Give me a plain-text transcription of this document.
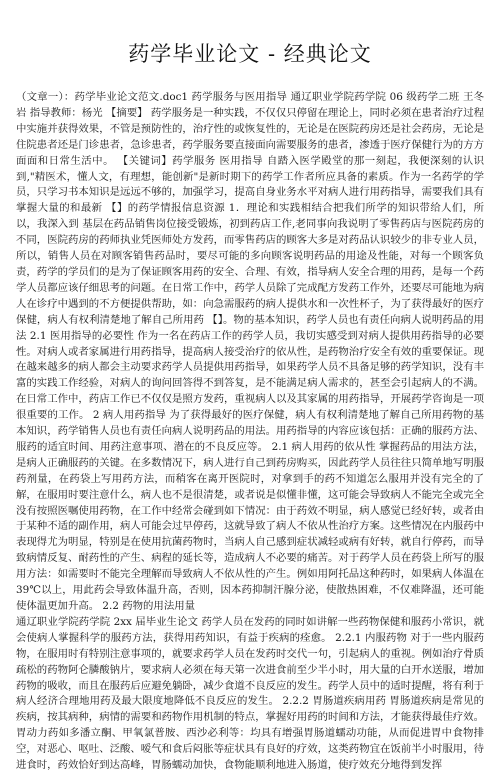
药学毕业论文 - 经典论文

（文章一）：药学毕业论文范文.doc1 药学服务与医用指导 通辽职业学院药学院 06 级药学二班 王冬岩 指导教师：杨光 【摘要】 药学服务是一种实践，不仅仅只停留在理论上，同时必须在患者治疗过程中实施并获得效果，不管是预防性的，治疗性的或恢复性的，无论是在医院药房还是社会药房，无论是住院患者还是门诊患者，急诊患者，药学服务要直接面向需要服务的患者，渗透于医疗保健行为的方方面面和日常生活中。 【关键词】药学服务 医用指导 自踏入医学殿堂的那一刻起，我便深刻的认识到,"精医术，懂人文，有理想，能创新"是新时期下的药学工作者所应具备的素质。作为一名药学的学员，只学习书本知识是远远不够的，加强学习，提高自身业务水平对病人进行用药指导，需要我们具有掌握大量的和最新 【】的药学情报信息资源 1．理论和实践相结合把我们所学的知识带给人们，所以，我深入到 基层在药品销售岗位接受锻炼，初到药店工作,老同事向我说明了零售药店与医院药房的不同，医院药房的药师执业凭医师处方发药，而零售药店的顾客大多是对药品认识较少的非专业人员，所以，销售人员在对顾客销售药品时，要尽可能的多向顾客说明药品的用途及性能，对每一个顾客负责，药学的学员们的是为了保证顾客用药的安全、合理、有效，指导病人安全合理的用药，是每一个药学人员都应该仔细思考的问题。在日常工作中，药学人员除了完成配方发药工作外，还要尽可能地为病人在诊疗中遇到的不方便提供帮助，如：向急需服药的病人提供水和一次性杯子，为了获得最好的医疗保健，病人有权利清楚地了解自己所用药 【】。物的基本知识，药学人员也有责任向病人说明药品的用法 2.1 医用指导的必要性 作为一名在药店工作的药学人员，我切实感受到对病人提供用药指导的必要性。对病人或者家属进行用药指导，提高病人接受治疗的依从性，是药物治疗安全有效的重要保证。现在越来越多的病人都会主动要求药学人员提供用药指导，如果药学人员不具备足够的药学知识，没有丰富的实践工作经验，对病人的询问回答得不到答复，是不能满足病人需求的，甚至会引起病人的不满。在日常工作中，药店工作已不仅仅是照方发药，重视病人以及其家属的用药指导，开展药学咨询是一项很重要的工作。 2 病人用药指导 为了获得最好的医疗保健，病人有权利清楚地了解自己所用药物的基本知识，药学销售人员也有责任向病人说明药品的用法。用药指导的内容应该包括：正确的服药方法、服药的适宜时间、用药注意事项、潜在的不良反应等。 2.1 病人用药的依从性 掌握药品的用法方法，是病人正确服药的关键。在多数情况下，病人进行自己到药房购买，因此药学人员往往只简单地写明服药剂量，在药袋上写用药方法，而稍客在离开医院时，对拿到手的药不知道怎么服用并没有完全的了解，在服用时要注意什么，病人也不是很清楚，或者说是似懂非懂，这可能会导致病人不能完全或完全没有按照医嘱使用药物，在工作中经常会碰到如下情况：由于药效不明显，病人感觉已经好转，或者由于某种不适的副作用，病人可能会过早停药，这就导致了病人不依从性治疗方案。这些情况在内服药中表现得尤为明显，特别是在使用抗菌药物时，当病人自己感到症状减轻或病有好转，就自行停药，而导致病情反复、耐药性的产生、病程的延长等，造成病人不必要的痛苦。对于药学人员在药袋上所写的服用方法：如需要时不能完全理解而导致病人不依从性的产生。例如用阿托品这种药时，如果病人体温在 39℃以上，用此药会导致体温升高，否则，因本药抑制汗腺分泌，使散热困难，不仅难降温，还可能使体温更加升高。 2.2 药物的用法用量

通辽职业学院药学院 2xx 届毕业生论文 药学人员在发药的同时如讲解一些药物保健和服药小常识，就会使病人掌握科学的服药方法，获得用药知识，有益于疾病的痊愈。 2.2.1 内服药物 对于一些内服药物，在服用时有特别注意事项的，就要求药学人员在发药时交代一句，引起病人的重视。例如治疗骨质疏松的药物阿仑膦酸钠片，要求病人必须在每天第一次进食前至少半小时，用大量的白开水送服，增加药物的吸收，而且在服药后应避免躺卧，减少食道不良反应的发生。药学人员中的适时提醒，将有利于病人经济合理地用药及最大限度地降低不良反应的发生。 2.2.2 胃肠道疾病用药 胃肠道疾病是常见的疾病，按其病种，病情的需要和药物作用机制的特点，掌握好用药的时间和方法，才能获得最佳疗效。胃动力药如多潘立酮、甲氧氯普胺、西沙必利等：均具有增强胃肠道蠕动功能，从而促进胃中食物排空，对恶心、呕吐、泛酸、嗳气和食后闷胀等症状具有良好的疗效，这类药物宜在饭前半小时服用，待进食时，药效恰好到达高峰，胃肠蠕动加快，食物能顺利地进入肠道，使疗效充分地得到发挥
